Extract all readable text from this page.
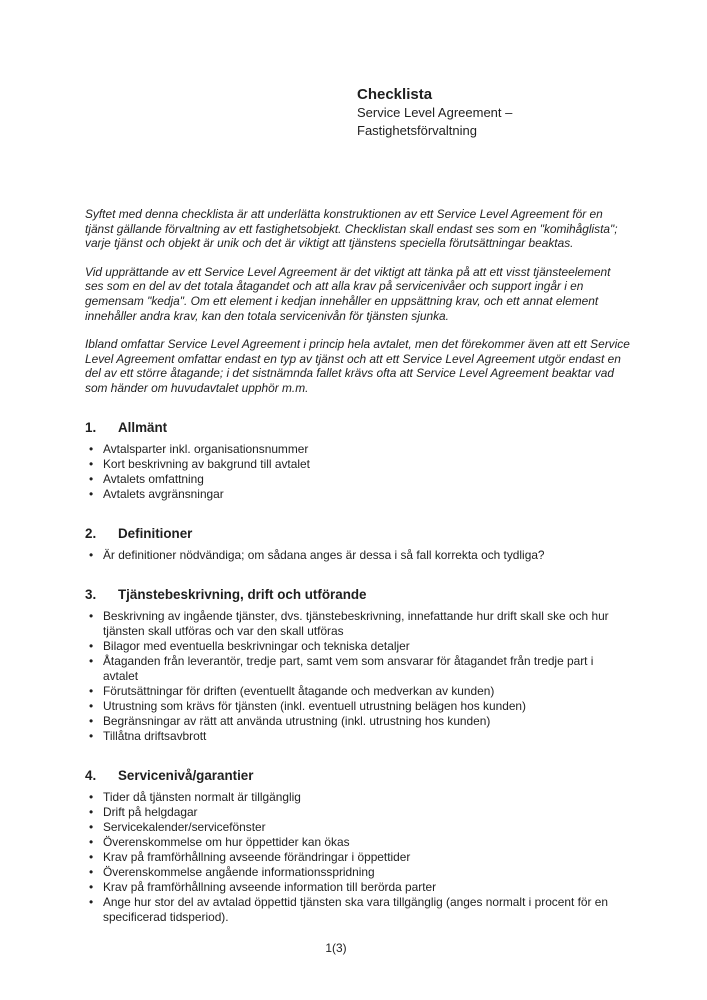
Checklista
Service Level Agreement –
Fastighetsförvaltning

Syftet med denna checklista är att underlätta konstruktionen av ett Service Level Agreement för en tjänst gällande förvaltning av ett fastighetsobjekt. Checklistan skall endast ses som en "komihåglista"; varje tjänst och objekt är unik och det är viktigt att tjänstens speciella förutsättningar beaktas.

Vid upprättande av ett Service Level Agreement är det viktigt att tänka på att ett visst tjänsteelement ses som en del av det totala åtagandet och att alla krav på servicenivåer och support ingår i en gemensam "kedja". Om ett element i kedjan innehåller en uppsättning krav, och ett annat element innehåller andra krav, kan den totala servicenivån för tjänsten sjunka.

Ibland omfattar Service Level Agreement i princip hela avtalet, men det förekommer även att ett Service Level Agreement omfattar endast en typ av tjänst och att ett Service Level Agreement utgör endast en del av ett större åtagande; i det sistnämnda fallet krävs ofta att Service Level Agreement beaktar vad som händer om huvudavtalet upphör m.m.

1. Allmänt
• Avtalsparter inkl. organisationsnummer
• Kort beskrivning av bakgrund till avtalet
• Avtalets omfattning
• Avtalets avgränsningar
2. Definitioner
• Är definitioner nödvändiga; om sådana anges är dessa i så fall korrekta och tydliga?
3. Tjänstebeskrivning, drift och utförande
• Beskrivning av ingående tjänster, dvs. tjänstebeskrivning, innefattande hur drift skall ske och hur tjänsten skall utföras och var den skall utföras
• Bilagor med eventuella beskrivningar och tekniska detaljer
• Åtaganden från leverantör, tredje part, samt vem som ansvarar för åtagandet från tredje part i avtalet
• Förutsättningar för driften (eventuellt åtagande och medverkan av kunden)
• Utrustning som krävs för tjänsten (inkl. eventuell utrustning belägen hos kunden)
• Begränsningar av rätt att använda utrustning (inkl. utrustning hos kunden)
• Tillåtna driftsavbrott
4. Servicenivå/garantier
• Tider då tjänsten normalt är tillgänglig
• Drift på helgdagar
• Servicekalender/servicefönster
• Överenskommelse om hur öppettider kan ökas
• Krav på framförhållning avseende förändringar i öppettider
• Överenskommelse angående informationsspridning
• Krav på framförhållning avseende information till berörda parter
• Ange hur stor del av avtalad öppettid tjänsten ska vara tillgänglig (anges normalt i procent för en specificerad tidsperiod).
1(3)
